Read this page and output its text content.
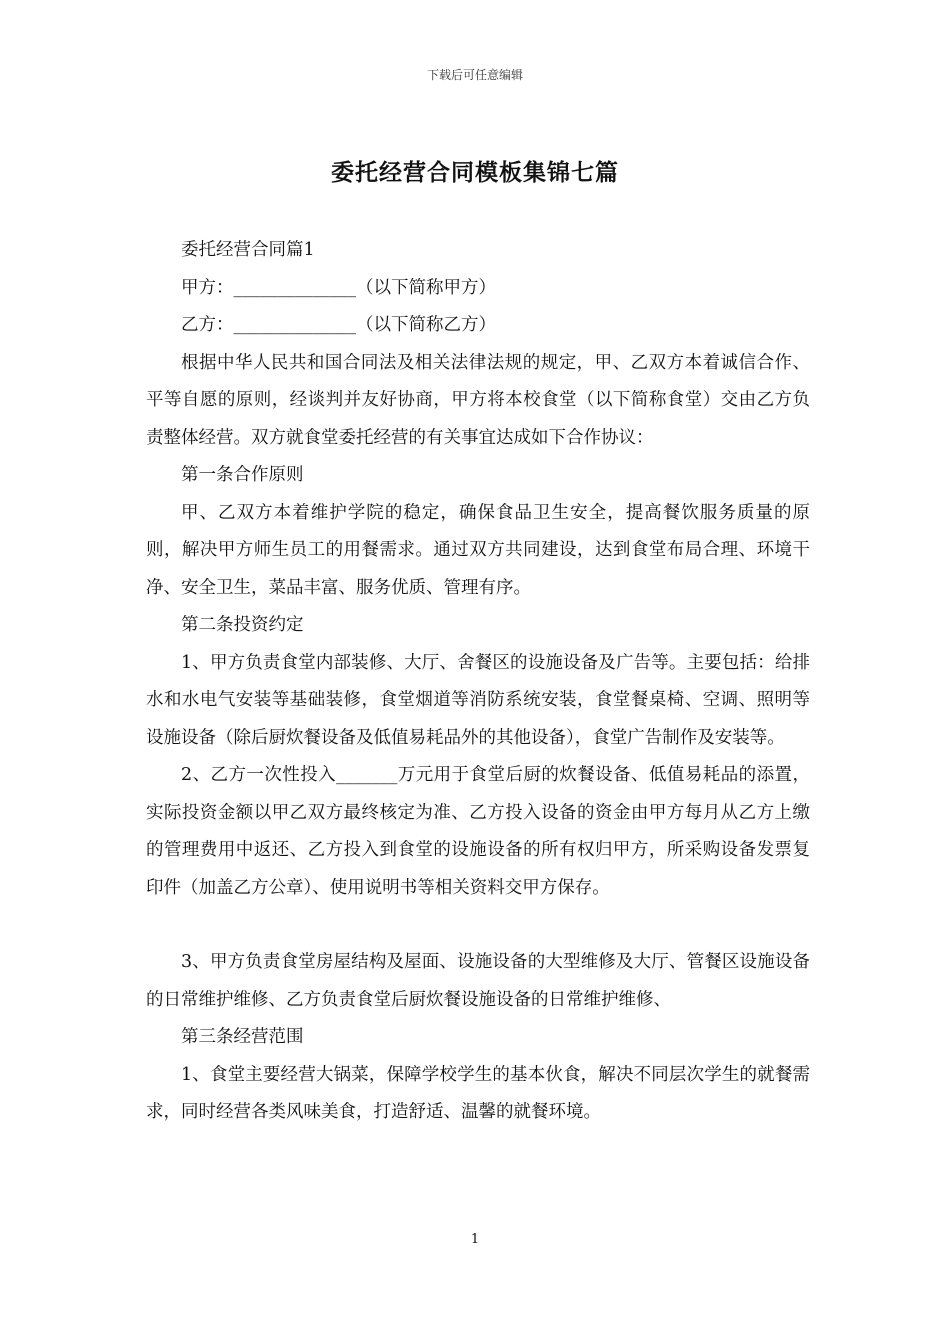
下载后可任意编辑
委托经营合同模板集锦七篇

委托经营合同篇1

甲方：______________（以下简称甲方）

乙方：______________（以下简称乙方）

根据中华人民共和国合同法及相关法律法规的规定，甲、乙双方本着诚信合作、平等自愿的原则，经谈判并友好协商，甲方将本校食堂（以下简称食堂）交由乙方负责整体经营。双方就食堂委托经营的有关事宜达成如下合作协议：

第一条合作原则

甲、乙双方本着维护学院的稳定，确保食品卫生安全，提高餐饮服务质量的原则，解决甲方师生员工的用餐需求。通过双方共同建设，达到食堂布局合理、环境干净、安全卫生，菜品丰富、服务优质、管理有序。

第二条投资约定

1、甲方负责食堂内部装修、大厅、舍餐区的设施设备及广告等。主要包括：给排水和水电气安装等基础装修，食堂烟道等消防系统安装，食堂餐桌椅、空调、照明等设施设备（除后厨炊餐设备及低值易耗品外的其他设备），食堂广告制作及安装等。

2、乙方一次性投入_______万元用于食堂后厨的炊餐设备、低值易耗品的添置，实际投资金额以甲乙双方最终核定为准、乙方投入设备的资金由甲方每月从乙方上缴的管理费用中返还、乙方投入到食堂的设施设备的所有权归甲方，所采购设备发票复印件（加盖乙方公章）、使用说明书等相关资料交甲方保存。

3、甲方负责食堂房屋结构及屋面、设施设备的大型维修及大厅、管餐区设施设备的日常维护维修、乙方负责食堂后厨炊餐设施设备的日常维护维修、

第三条经营范围

1、食堂主要经营大锅菜，保障学校学生的基本伙食，解决不同层次学生的就餐需求，同时经营各类风味美食，打造舒适、温馨的就餐环境。

1
